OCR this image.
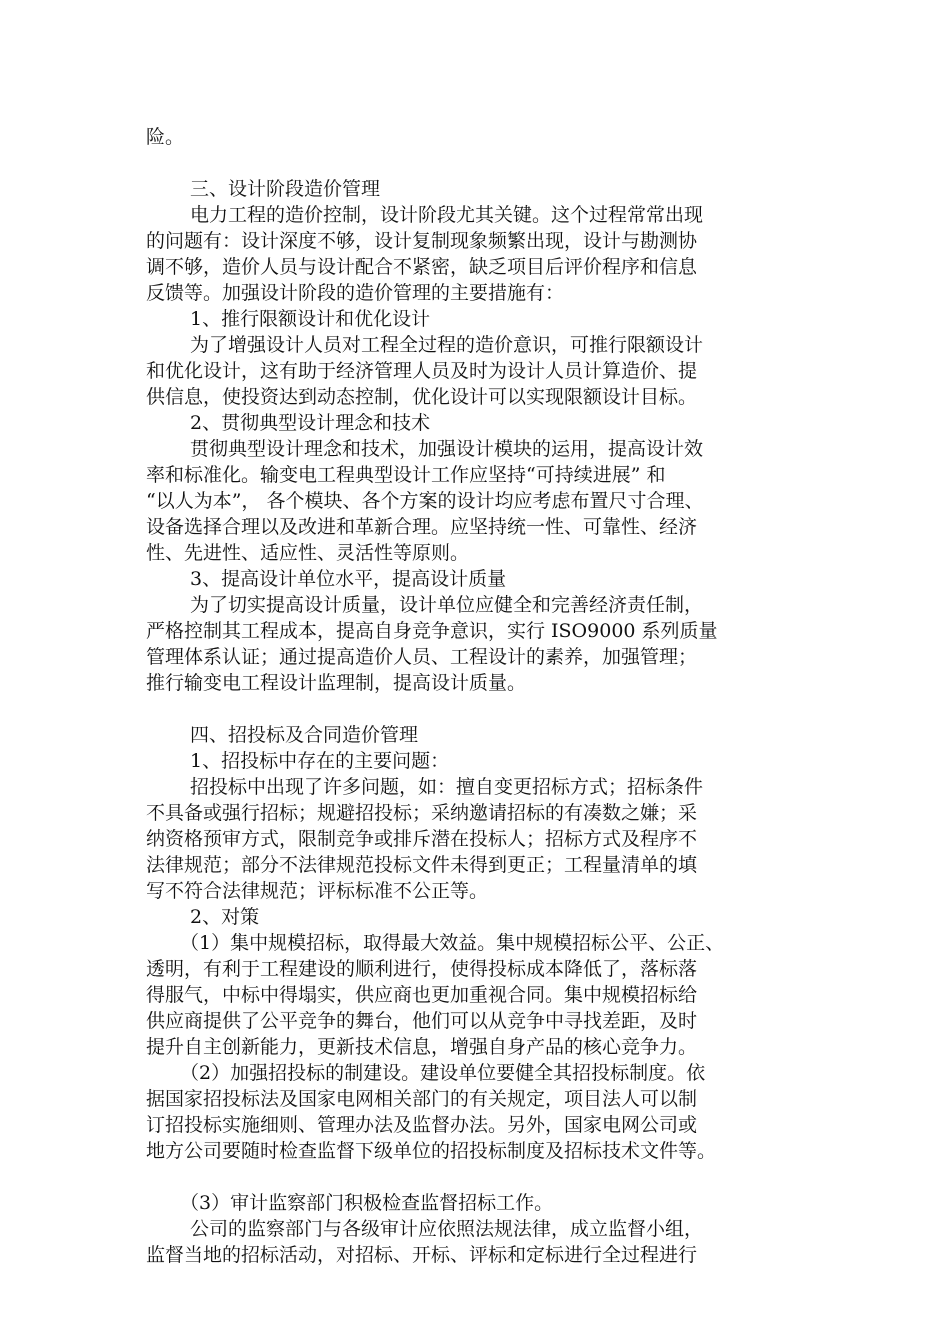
险。
三、设计阶段造价管理
电力工程的造价控制，设计阶段尤其关键。这个过程常常出现
的问题有：设计深度不够，设计复制现象频繁出现，设计与勘测协
调不够，造价人员与设计配合不紧密，缺乏项目后评价程序和信息
反馈等。加强设计阶段的造价管理的主要措施有：
1、推行限额设计和优化设计
为了增强设计人员对工程全过程的造价意识，可推行限额设计
和优化设计，这有助于经济管理人员及时为设计人员计算造价、提
供信息，使投资达到动态控制，优化设计可以实现限额设计目标。
2、贯彻典型设计理念和技术
贯彻典型设计理念和技术，加强设计模块的运用，提高设计效
率和标准化。输变电工程典型设计工作应坚持“可持续进展” 和
“以人为本”， 各个模块、各个方案的设计均应考虑布置尺寸合理、
设备选择合理以及改进和革新合理。应坚持统一性、可靠性、经济
性、先进性、适应性、灵活性等原则。
3、提高设计单位水平，提高设计质量
为了切实提高设计质量，设计单位应健全和完善经济责任制，
严格控制其工程成本，提高自身竞争意识，实行 ISO9000 系列质量
管理体系认证；通过提高造价人员、工程设计的素养，加强管理；
推行输变电工程设计监理制，提高设计质量。
四、招投标及合同造价管理
1、招投标中存在的主要问题：
招投标中出现了许多问题，如：擅自变更招标方式；招标条件
不具备或强行招标；规避招投标；采纳邀请招标的有凑数之嫌；采
纳资格预审方式，限制竞争或排斥潜在投标人；招标方式及程序不
法律规范；部分不法律规范投标文件未得到更正；工程量清单的填
写不符合法律规范；评标标准不公正等。
2、对策
（1）集中规模招标，取得最大效益。集中规模招标公平、公正、
透明，有利于工程建设的顺利进行，使得投标成本降低了，落标落
得服气，中标中得塌实，供应商也更加重视合同。集中规模招标给
供应商提供了公平竞争的舞台，他们可以从竞争中寻找差距，及时
提升自主创新能力，更新技术信息，增强自身产品的核心竞争力。
（2）加强招投标的制建设。建设单位要健全其招投标制度。依
据国家招投标法及国家电网相关部门的有关规定，项目法人可以制
订招投标实施细则、管理办法及监督办法。另外，国家电网公司或
地方公司要随时检查监督下级单位的招投标制度及招标技术文件等。
（3）审计监察部门积极检查监督招标工作。
公司的监察部门与各级审计应依照法规法律，成立监督小组，
监督当地的招标活动，对招标、开标、评标和定标进行全过程进行
